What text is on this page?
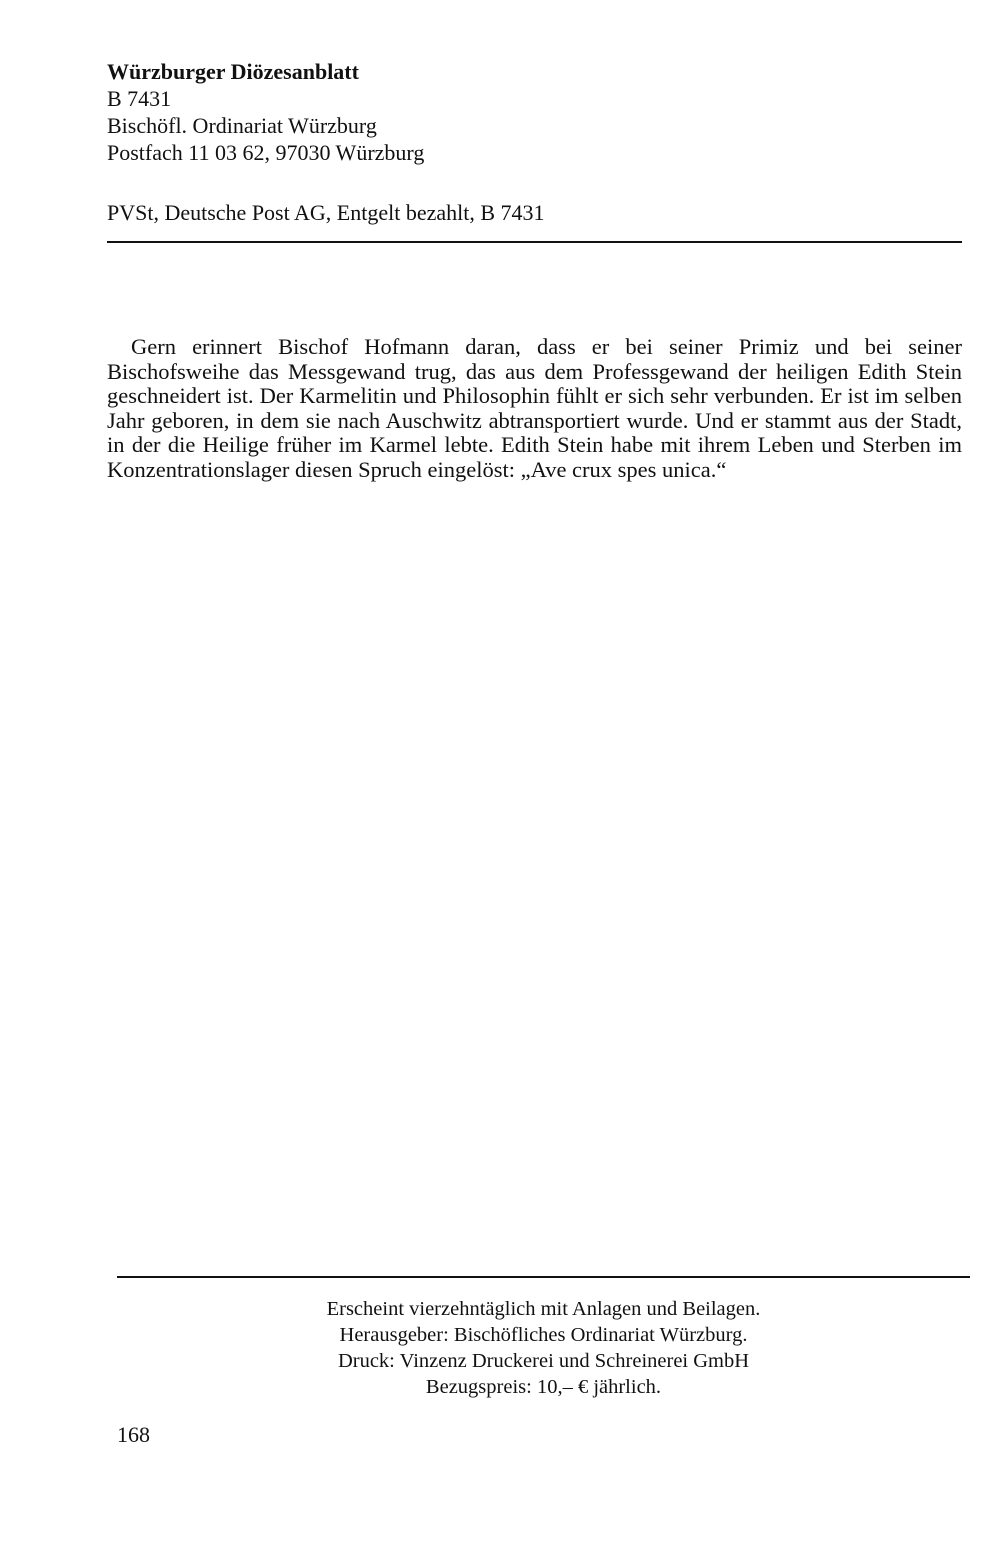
Würzburger Diözesanblatt
B 7431
Bischöfl. Ordinariat Würzburg
Postfach 11 03 62, 97030 Würzburg
PVSt, Deutsche Post AG, Entgelt bezahlt, B 7431
Gern erinnert Bischof Hofmann daran, dass er bei seiner Primiz und bei seiner Bischofsweihe das Messgewand trug, das aus dem Professgewand der heiligen Edith Stein geschneidert ist. Der Karmelitin und Philosophin fühlt er sich sehr verbunden. Er ist im selben Jahr geboren, in dem sie nach Auschwitz abtransportiert wurde. Und er stammt aus der Stadt, in der die Heilige früher im Karmel lebte. Edith Stein habe mit ihrem Leben und Sterben im Konzentrationslager diesen Spruch eingelöst: „Ave crux spes unica.“
Erscheint vierzehntäglich mit Anlagen und Beilagen.
Herausgeber: Bischöfliches Ordinariat Würzburg.
Druck: Vinzenz Druckerei und Schreinerei GmbH
Bezugspreis: 10,– € jährlich.
168
